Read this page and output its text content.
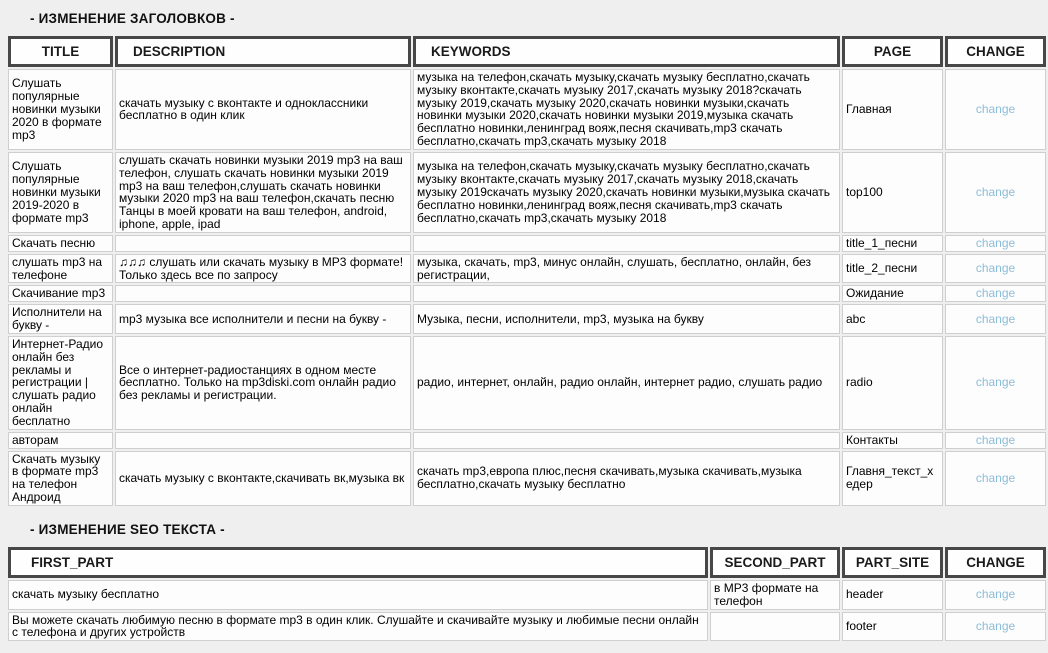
- ИЗМЕНЕНИЕ ЗАГОЛОВКОВ -
TITLE	DESCRIPTION	KEYWORDS	PAGE	CHANGE
Слушать популярные новинки музыки 2020 в формате mp3	скачать музыку с вконтакте и одноклассники бесплатно в один клик	музыка на телефон,скачать музыку,скачать музыку бесплатно,скачать музыку вконтакте,скачать музыку 2017,скачать музыку 2018?скачать музыку 2019,скачать музыку 2020,скачать новинки музыки,скачать новинки музыки 2020,скачать новинки музыки 2019,музыка скачать бесплатно новинки,ленинград вояж,песня скачивать,mp3 скачать бесплатно,скачать mp3,скачать музыку 2018	Главная	change
Слушать популярные новинки музыки 2019-2020 в формате mp3	слушать скачать новинки музыки 2019 mp3 на ваш телефон, слушать скачать новинки музыки 2019 mp3 на ваш телефон,слушать скачать новинки музыки 2020 mp3 на ваш телефон,скачать песню Танцы в моей кровати на ваш телефон, android, iphone, apple, ipad	музыка на телефон,скачать музыку,скачать музыку бесплатно,скачать музыку вконтакте,скачать музыку 2017,скачать музыку 2018,скачать музыку 2019скачать музыку 2020,скачать новинки музыки,музыка скачать бесплатно новинки,ленинград вояж,песня скачивать,mp3 скачать бесплатно,скачать mp3,скачать музыку 2018	top100	change
Скачать песню			title_1_песни	change
слушать mp3 на телефоне	♫♫♫ слушать или скачать музыку в MP3 формате! Только здесь все по запросу	музыка, скачать, mp3, минус онлайн, слушать, бесплатно, онлайн, без регистрации,	title_2_песни	change
Скачивание mp3			Ожидание	change
Исполнители на букву -	mp3 музыка все исполнители и песни на букву -	Музыка, песни, исполнители, mp3, музыка на букву	abc	change
Интернет-Радио онлайн без рекламы и регистрации | слушать радио онлайн бесплатно	Все о интернет-радиостанциях в одном месте бесплатно. Только на mp3diski.com онлайн радио без рекламы и регистрации.	радио, интернет, онлайн, радио онлайн, интернет радио, слушать радио	radio	change
авторам			Контакты	change
Скачать музыку в формате mp3 на телефон Андроид	скачать музыку с вконтакте,скачивать вк,музыка вк	скачать mp3,европа плюс,песня скачивать,музыка скачивать,музыка бесплатно,скачать музыку бесплатно	Главня_текст_хедер	change
- ИЗМЕНЕНИЕ SEO ТЕКСТА -
FIRST_PART	SECOND_PART	PART_SITE	CHANGE
скачать музыку бесплатно	в MP3 формате на телефон	header	change
Вы можете скачать любимую песню в формате mp3 в один клик. Слушайте и скачивайте музыку и любимые песни онлайн с телефона и других устройств		footer	change
